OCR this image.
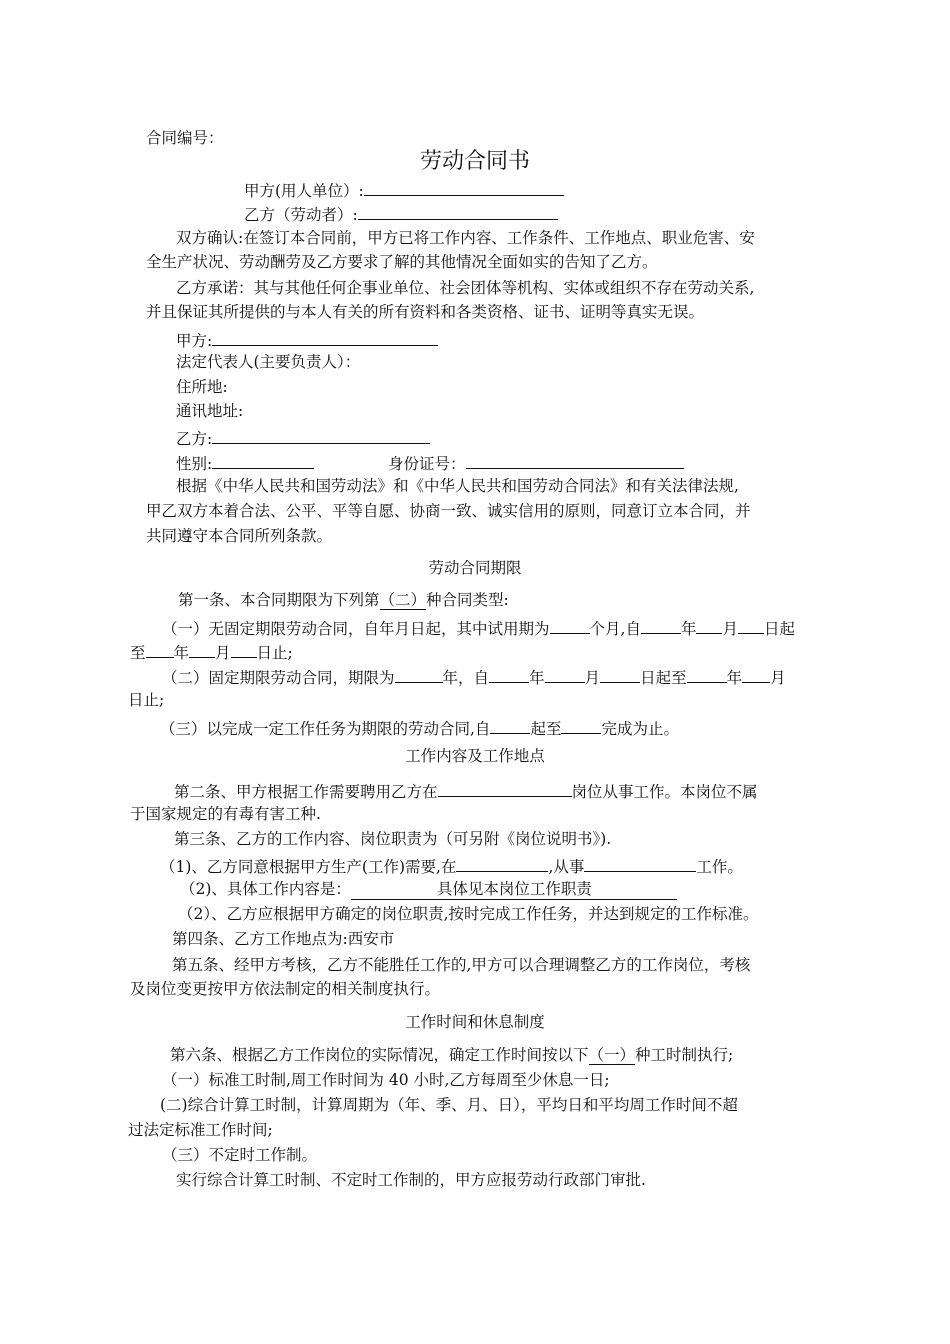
合同编号：
劳动合同书
甲方(用人单位）:
乙方（劳动者）:
双方确认:在签订本合同前，甲方已将工作内容、工作条件、工作地点、职业危害、安
全生产状况、劳动酬劳及乙方要求了解的其他情况全面如实的告知了乙方。
乙方承诺：其与其他任何企事业单位、社会团体等机构、实体或组织不存在劳动关系,
并且保证其所提供的与本人有关的所有资料和各类资格、证书、证明等真实无误。
甲方:
法定代表人(主要负责人）：
住所地:
通讯地址:
乙方:
性别:	身份证号：
根据《中华人民共和国劳动法》和《中华人民共和国劳动合同法》和有关法律法规,
甲乙双方本着合法、公平、平等自愿、协商一致、诚实信用的原则，同意订立本合同，并
共同遵守本合同所列条款。
劳动合同期限
第一条、本合同期限为下列第（二）种合同类型:
（一）无固定期限劳动合同，自年月日起，其中试用期为	个月,自	年 月 日起
至 年 月 日止;
（二）固定期限劳动合同，期限为	年，自	年	月	日起至	年 月
日止;
（三）以完成一定工作任务为期限的劳动合同,自	起至	完成为止。
工作内容及工作地点
第二条、甲方根据工作需要聘用乙方在	岗位从事工作。本岗位不属
于国家规定的有毒有害工种.
第三条、乙方的工作内容、岗位职责为（可另附《岗位说明书》).
（1)、乙方同意根据甲方生产(工作)需要,在	,从事	工作。
（2)、具体工作内容是：	具体见本岗位工作职责
（2）、乙方应根据甲方确定的岗位职责,按时完成工作任务，并达到规定的工作标准。
第四条、乙方工作地点为:西安市
第五条、经甲方考核，乙方不能胜任工作的,甲方可以合理调整乙方的工作岗位，考核
及岗位变更按甲方依法制定的相关制度执行。
工作时间和休息制度
第六条、根据乙方工作岗位的实际情况，确定工作时间按以下（一）种工时制执行;
（一）标准工时制,周工作时间为 40 小时,乙方每周至少休息一日;
(二)综合计算工时制，计算周期为（年、季、月、日），平均日和平均周工作时间不超
过法定标准工作时间;
（三）不定时工作制。
实行综合计算工时制、不定时工作制的，甲方应报劳动行政部门审批.
